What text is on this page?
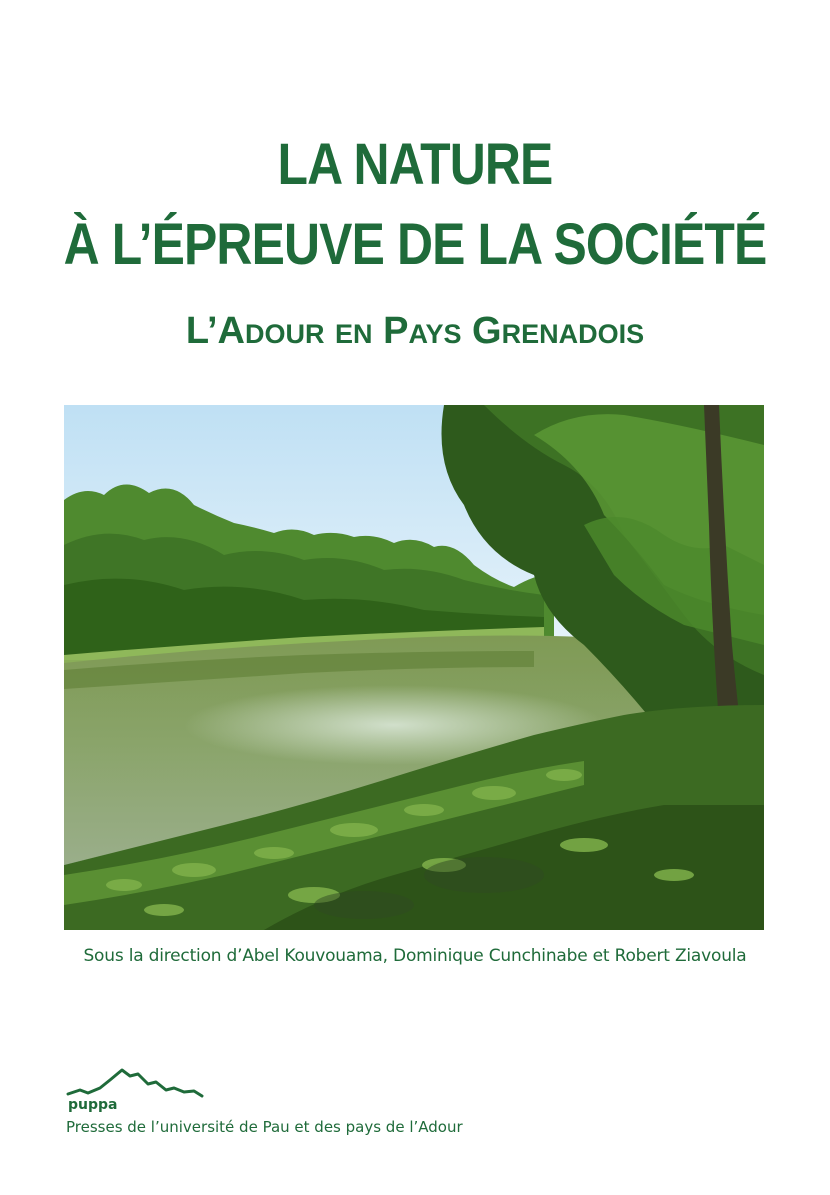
LA NATURE
À L’ÉPREUVE DE LA SOCIÉTÉ
L’Adour en Pays Grenadois
Sous la direction d’Abel Kouvouama, Dominique Cunchinabe et Robert Ziavoula
puppa
Presses de l’université de Pau et des pays de l’Adour
